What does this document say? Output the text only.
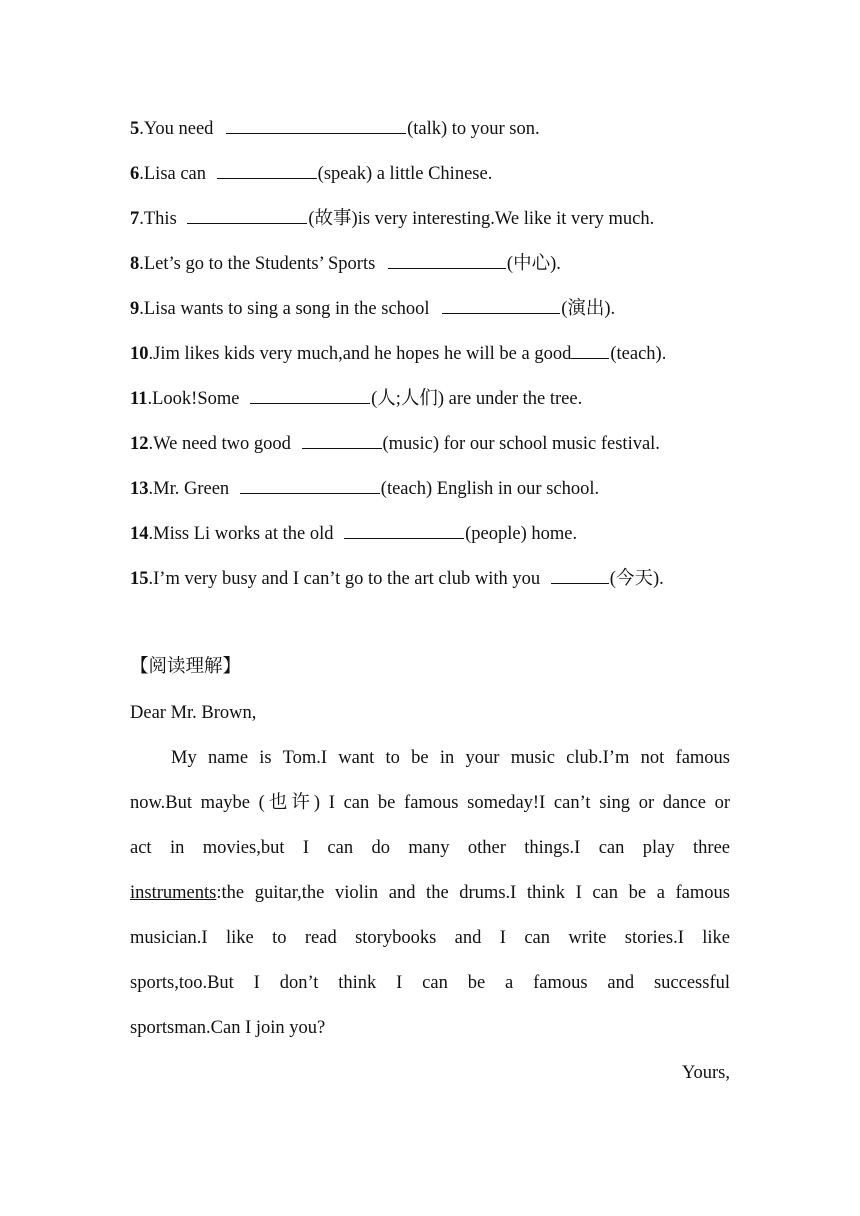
5.You need	(talk) to your son.
6.Lisa can	(speak) a little Chinese.
7.This	(故事)is very interesting.We like it very much.
8.Let’s go to the Students’ Sports	(中心).
9.Lisa wants to sing a song in the school	(演出).
10.Jim likes kids very much,and he hopes he will be a good (teach).
11.Look!Some	(人;人们) are under the tree.
12.We need two good	(music) for our school music festival.
13.Mr. Green	(teach) English in our school.
14.Miss Li works at the old	(people) home.
15.I’m very busy and I can’t go to the art club with you	(今天).
【阅读理解】
Dear Mr. Brown,
My name is Tom.I want to be in your music club.I’m not famous
now.But maybe (也许) I can be famous someday!I can’t sing or dance or
act in movies,but I can do many other things.I can play three
instruments:the guitar,the violin and the drums.I think I can be a famous
musician.I like to read storybooks and I can write stories.I like
sports,too.But I don’t think I can be a famous and successful
sportsman.Can I join you?
Yours,
